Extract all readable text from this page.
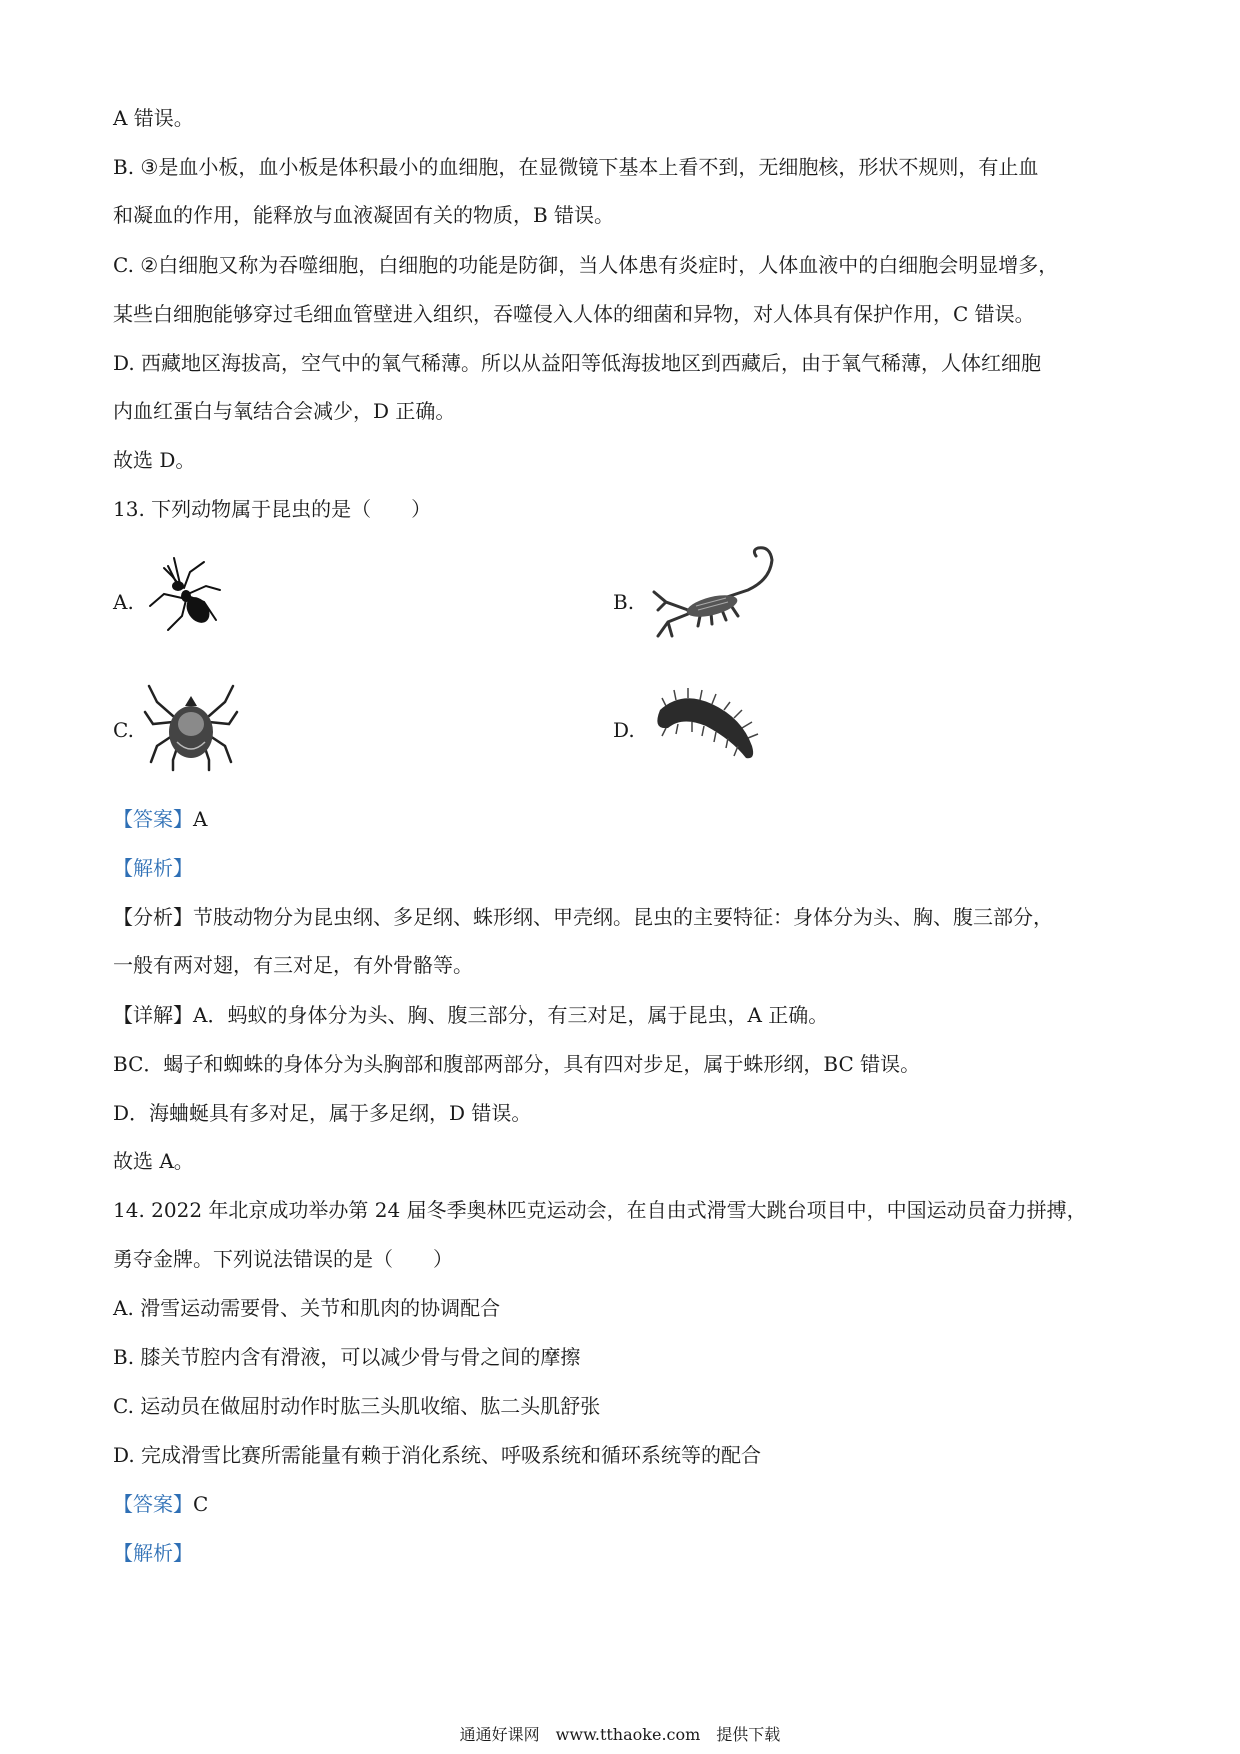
A 错误。
B. ③是血小板，血小板是体积最小的血细胞，在显微镜下基本上看不到，无细胞核，形状不规则，有止血
和凝血的作用，能释放与血液凝固有关的物质，B 错误。
C. ②白细胞又称为吞噬细胞，白细胞的功能是防御，当人体患有炎症时，人体血液中的白细胞会明显增多，
某些白细胞能够穿过毛细血管壁进入组织，吞噬侵入人体的细菌和异物，对人体具有保护作用，C 错误。
D. 西藏地区海拔高，空气中的氧气稀薄。所以从益阳等低海拔地区到西藏后，由于氧气稀薄，人体红细胞
内血红蛋白与氧结合会减少，D 正确。
故选 D。
13. 下列动物属于昆虫的是（　　）
A.	B.
C.	D.
【答案】A
【解析】
【分析】节肢动物分为昆虫纲、多足纲、蛛形纲、甲壳纲。昆虫的主要特征：身体分为头、胸、腹三部分，
一般有两对翅，有三对足，有外骨骼等。
【详解】A．蚂蚁的身体分为头、胸、腹三部分，有三对足，属于昆虫，A 正确。
BC．蝎子和蜘蛛的身体分为头胸部和腹部两部分，具有四对步足，属于蛛形纲，BC 错误。
D．海蛐蜒具有多对足，属于多足纲，D 错误。
故选 A。
14. 2022 年北京成功举办第 24 届冬季奥林匹克运动会，在自由式滑雪大跳台项目中，中国运动员奋力拼搏，
勇夺金牌。下列说法错误的是（　　）
A. 滑雪运动需要骨、关节和肌肉的协调配合
B. 膝关节腔内含有滑液，可以减少骨与骨之间的摩擦
C. 运动员在做屈肘动作时肱三头肌收缩、肱二头肌舒张
D. 完成滑雪比赛所需能量有赖于消化系统、呼吸系统和循环系统等的配合
【答案】C
【解析】
通通好课网　www.tthaoke.com　提供下载
